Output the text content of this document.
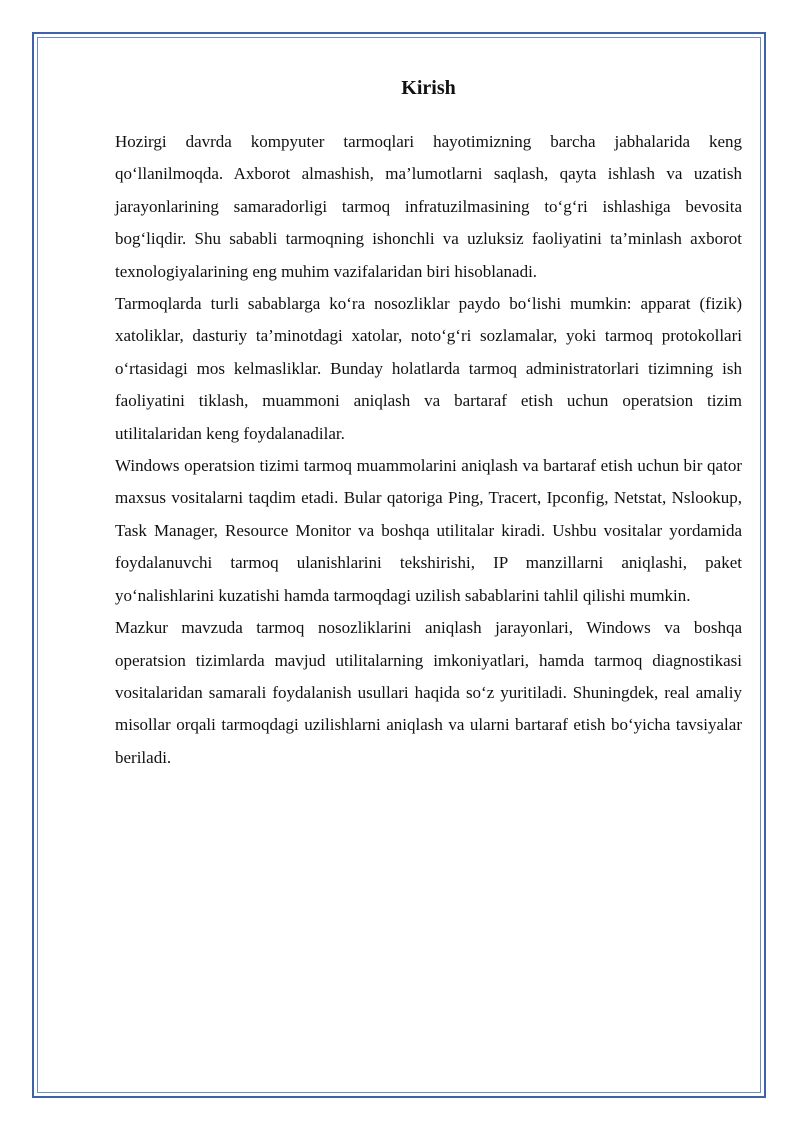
Kirish

Hozirgi davrda kompyuter tarmoqlari hayotimizning barcha jabhalarida keng qo‘llanilmoqda. Axborot almashish, ma’lumotlarni saqlash, qayta ishlash va uzatish jarayonlarining samaradorligi tarmoq infratuzilmasining to‘g‘ri ishlashiga bevosita bog‘liqdir. Shu sababli tarmoqning ishonchli va uzluksiz faoliyatini ta’minlash axborot texnologiyalarining eng muhim vazifalaridan biri hisoblanadi.

Tarmoqlarda turli sabablarga ko‘ra nosozliklar paydo bo‘lishi mumkin: apparat (fizik) xatoliklar, dasturiy ta’minotdagi xatolar, noto‘g‘ri sozlamalar, yoki tarmoq protokollari o‘rtasidagi mos kelmasliklar. Bunday holatlarda tarmoq administratorlari tizimning ish faoliyatini tiklash, muammoni aniqlash va bartaraf etish uchun operatsion tizim utilitalaridan keng foydalanadilar.

Windows operatsion tizimi tarmoq muammolarini aniqlash va bartaraf etish uchun bir qator maxsus vositalarni taqdim etadi. Bular qatoriga Ping, Tracert, Ipconfig, Netstat, Nslookup, Task Manager, Resource Monitor va boshqa utilitalar kiradi. Ushbu vositalar yordamida foydalanuvchi tarmoq ulanishlarini tekshirishi, IP manzillarni aniqlashi, paket yo‘nalishlarini kuzatishi hamda tarmoqdagi uzilish sabablarini tahlil qilishi mumkin.

Mazkur mavzuda tarmoq nosozliklarini aniqlash jarayonlari, Windows va boshqa operatsion tizimlarda mavjud utilitalarning imkoniyatlari, hamda tarmoq diagnostikasi vositalaridan samarali foydalanish usullari haqida so‘z yuritiladi. Shuningdek, real amaliy misollar orqali tarmoqdagi uzilishlarni aniqlash va ularni bartaraf etish bo‘yicha tavsiyalar beriladi.
